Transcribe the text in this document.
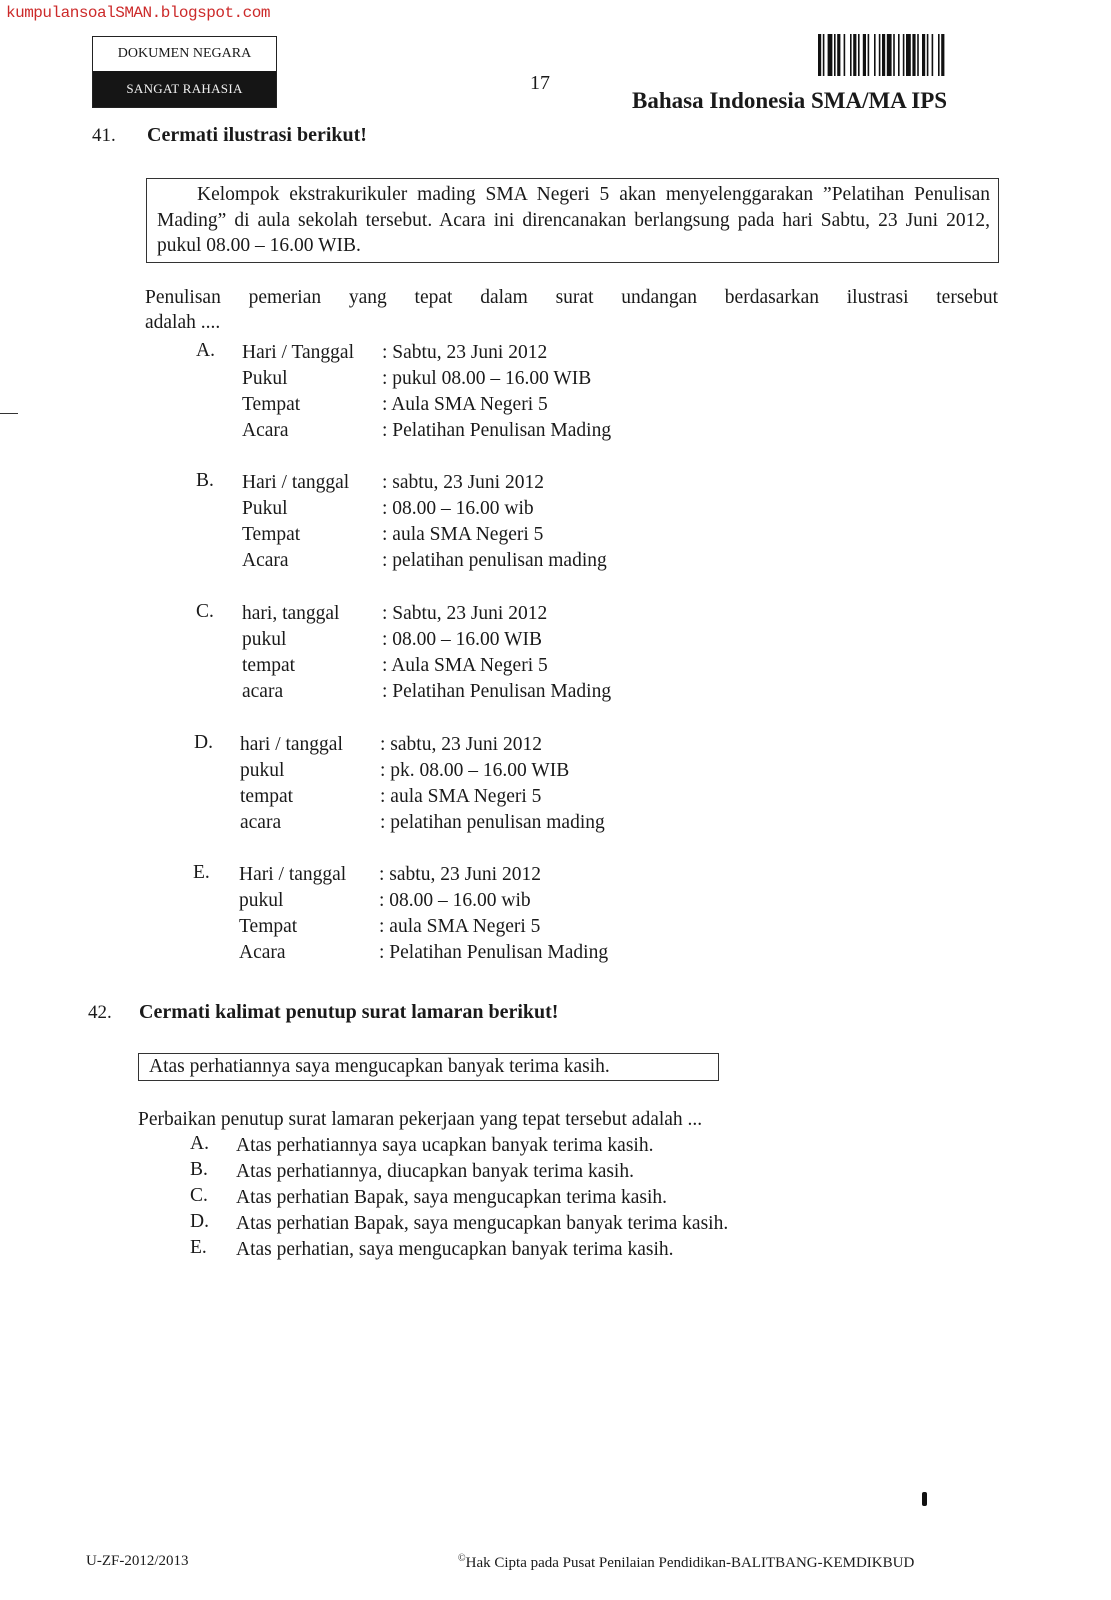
kumpulansoalSMAN.blogspot.com
DOKUMEN NEGARA
SANGAT RAHASIA	17
Bahasa Indonesia SMA/MA IPS
41. Cermati ilustrasi berikut!

Kelompok ekstrakurikuler mading SMA Negeri 5 akan menyelenggarakan ”Pelatihan Penulisan Mading” di aula sekolah tersebut. Acara ini direncanakan berlangsung pada hari Sabtu, 23 Juni 2012, pukul 08.00 – 16.00 WIB.

Penulisan pemerian yang tepat dalam surat undangan berdasarkan ilustrasi tersebut
adalah ....
A. Hari / Tanggal : Sabtu, 23 Juni 2012
Pukul	: pukul 08.00 – 16.00 WIB
Tempat	: Aula SMA Negeri 5
Acara	: Pelatihan Penulisan Mading
B. Hari / tanggal : sabtu, 23 Juni 2012
Pukul	: 08.00 – 16.00 wib
Tempat	: aula SMA Negeri 5
Acara	: pelatihan penulisan mading
C. hari, tanggal : Sabtu, 23 Juni 2012
pukul	: 08.00 – 16.00 WIB
tempat	: Aula SMA Negeri 5
acara	: Pelatihan Penulisan Mading
D. hari / tanggal : sabtu, 23 Juni 2012
pukul	: pk. 08.00 – 16.00 WIB
tempat	: aula SMA Negeri 5
acara	: pelatihan penulisan mading
E. Hari / tanggal : sabtu, 23 Juni 2012
pukul	: 08.00 – 16.00 wib
Tempat	: aula SMA Negeri 5
Acara	: Pelatihan Penulisan Mading
42. Cermati kalimat penutup surat lamaran berikut!
Atas perhatiannya saya mengucapkan banyak terima kasih.
Perbaikan penutup surat lamaran pekerjaan yang tepat tersebut adalah ...
A. Atas perhatiannya saya ucapkan banyak terima kasih.
B. Atas perhatiannya, diucapkan banyak terima kasih.
C. Atas perhatian Bapak, saya mengucapkan terima kasih.
D. Atas perhatian Bapak, saya mengucapkan banyak terima kasih.
E. Atas perhatian, saya mengucapkan banyak terima kasih.
U-ZF-2012/2013	©Hak Cipta pada Pusat Penilaian Pendidikan-BALITBANG-KEMDIKBUD
